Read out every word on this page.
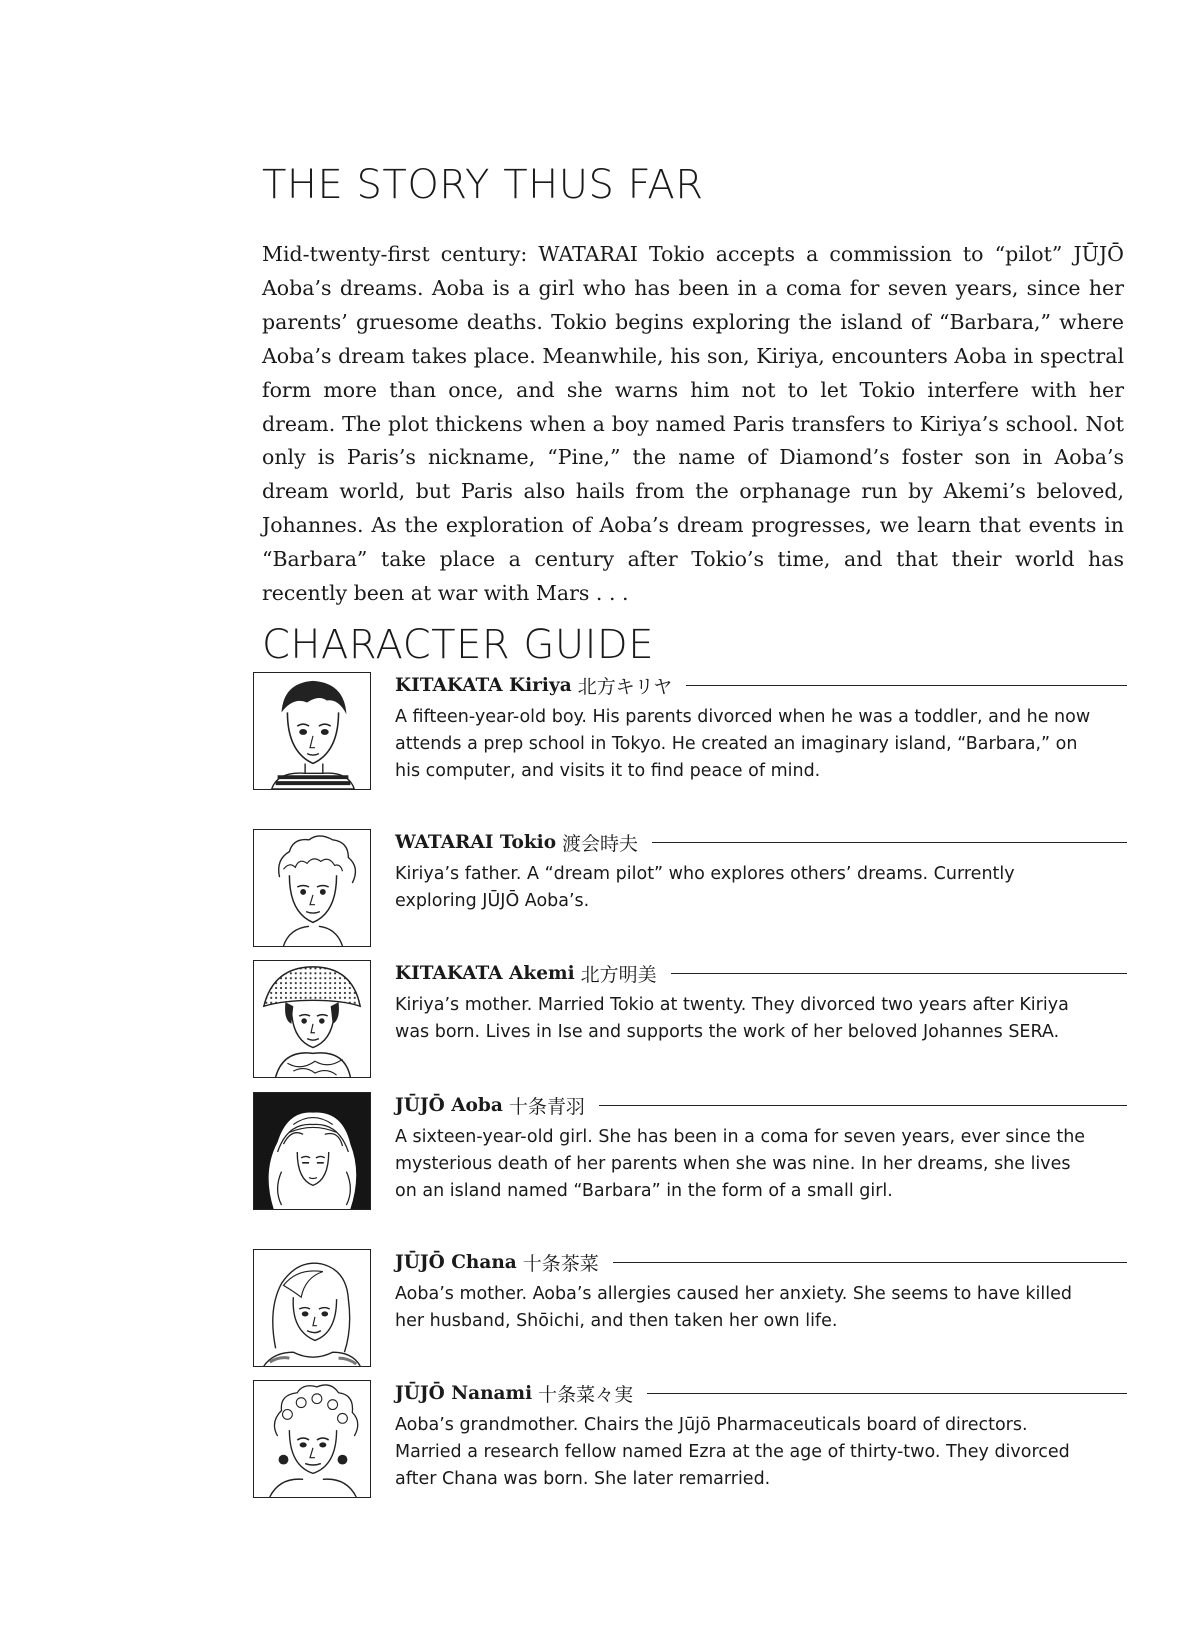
THE STORY THUS FAR

Mid-twenty-first century: WATARAI Tokio accepts a commission to “pilot” JŪJŌ Aoba’s dreams. Aoba is a girl who has been in a coma for seven years, since her parents’ gruesome deaths. Tokio begins exploring the island of “Barbara,” where Aoba’s dream takes place. Meanwhile, his son, Kiriya, encounters Aoba in spectral form more than once, and she warns him not to let Tokio interfere with her dream. The plot thickens when a boy named Paris transfers to Kiriya’s school. Not only is Paris’s nickname, “Pine,” the name of Diamond’s foster son in Aoba’s dream world, but Paris also hails from the orphanage run by Akemi’s beloved, Johannes. As the exploration of Aoba’s dream progresses, we learn that events in “Barbara” take place a century after Tokio’s time, and that their world has recently been at war with Mars . . .

CHARACTER GUIDE
KITAKATA Kiriya 北方キリヤ

A fifteen-year-old boy. His parents divorced when he was a toddler, and he now attends a prep school in Tokyo. He created an imaginary island, “Barbara,” on his computer, and visits it to find peace of mind.

WATARAI Tokio 渡会時夫

Kiriya’s father. A “dream pilot” who explores others’ dreams. Currently exploring JŪJŌ Aoba’s.

KITAKATA Akemi 北方明美

Kiriya’s mother. Married Tokio at twenty. They divorced two years after Kiriya was born. Lives in Ise and supports the work of her beloved Johannes SERA.

JŪJŌ Aoba 十条青羽

A sixteen-year-old girl. She has been in a coma for seven years, ever since the mysterious death of her parents when she was nine. In her dreams, she lives on an island named “Barbara” in the form of a small girl.

JŪJŌ Chana 十条茶菜

Aoba’s mother. Aoba’s allergies caused her anxiety. She seems to have killed her husband, Shōichi, and then taken her own life.

JŪJŌ Nanami 十条菜々実

Aoba’s grandmother. Chairs the Jūjō Pharmaceuticals board of directors. Married a research fellow named Ezra at the age of thirty-two. They divorced after Chana was born. She later remarried.
